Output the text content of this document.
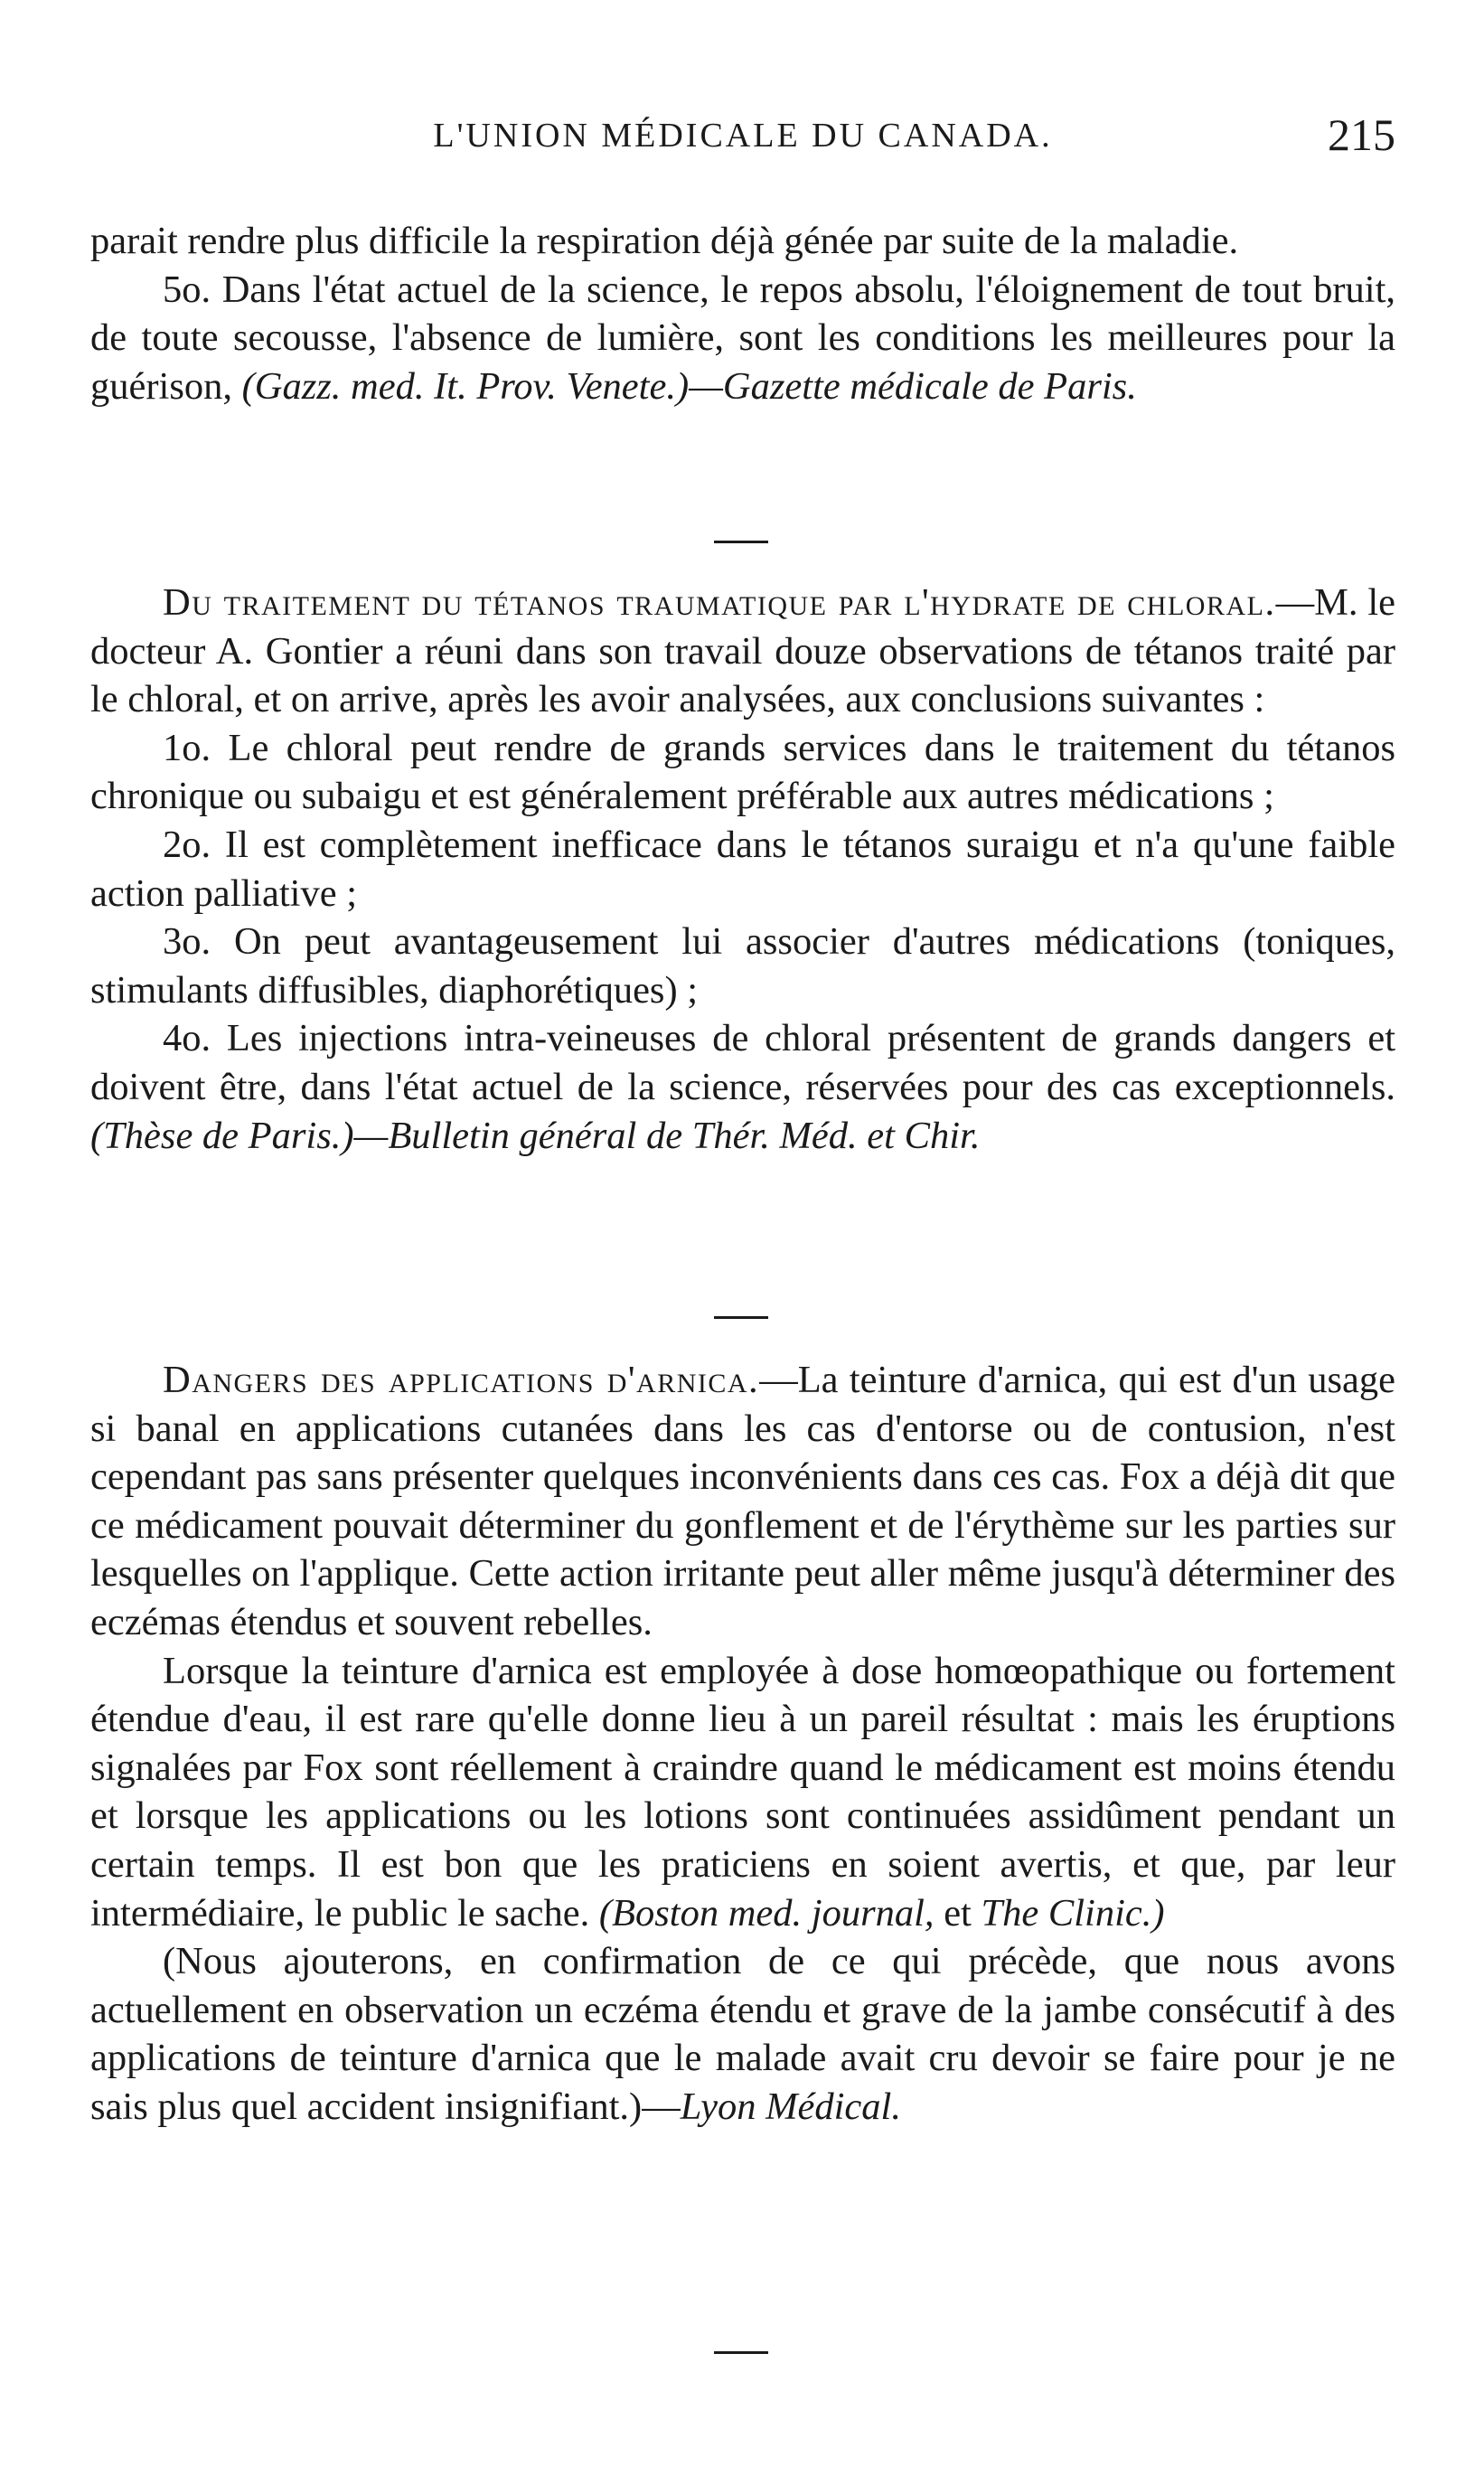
L'UNION MÉDICALE DU CANADA.	215

parait rendre plus difficile la respiration déjà génée par suite de la maladie.

5o. Dans l'état actuel de la science, le repos absolu, l'éloignement de tout bruit, de toute secousse, l'absence de lumière, sont les conditions les meilleures pour la guérison, (Gazz. med. It. Prov. Venete.)—Gazette médicale de Paris.

Du traitement du tétanos traumatique par l'hydrate de chloral.—M. le docteur A. Gontier a réuni dans son travail douze observations de tétanos traité par le chloral, et on arrive, après les avoir analysées, aux conclusions suivantes :

1o. Le chloral peut rendre de grands services dans le traitement du tétanos chronique ou subaigu et est généralement préférable aux autres médications ;

2o. Il est complètement inefficace dans le tétanos suraigu et n'a qu'une faible action palliative ;

3o. On peut avantageusement lui associer d'autres médications (toniques, stimulants diffusibles, diaphorétiques) ;

4o. Les injections intra-veineuses de chloral présentent de grands dangers et doivent être, dans l'état actuel de la science, réservées pour des cas exceptionnels. (Thèse de Paris.)—Bulletin général de Thér. Méd. et Chir.

Dangers des applications d'arnica.—La teinture d'arnica, qui est d'un usage si banal en applications cutanées dans les cas d'entorse ou de contusion, n'est cependant pas sans présenter quelques inconvénients dans ces cas. Fox a déjà dit que ce médicament pouvait déterminer du gonflement et de l'érythème sur les parties sur lesquelles on l'applique. Cette action irritante peut aller même jusqu'à déterminer des eczémas étendus et souvent rebelles.

Lorsque la teinture d'arnica est employée à dose homœopathique ou fortement étendue d'eau, il est rare qu'elle donne lieu à un pareil résultat : mais les éruptions signalées par Fox sont réellement à craindre quand le médicament est moins étendu et lorsque les applications ou les lotions sont continuées assidûment pendant un certain temps. Il est bon que les praticiens en soient avertis, et que, par leur intermédiaire, le public le sache. (Boston med. journal, et The Clinic.)

(Nous ajouterons, en confirmation de ce qui précède, que nous avons actuellement en observation un eczéma étendu et grave de la jambe consécutif à des applications de teinture d'arnica que le malade avait cru devoir se faire pour je ne sais plus quel accident insignifiant.)—Lyon Médical.
